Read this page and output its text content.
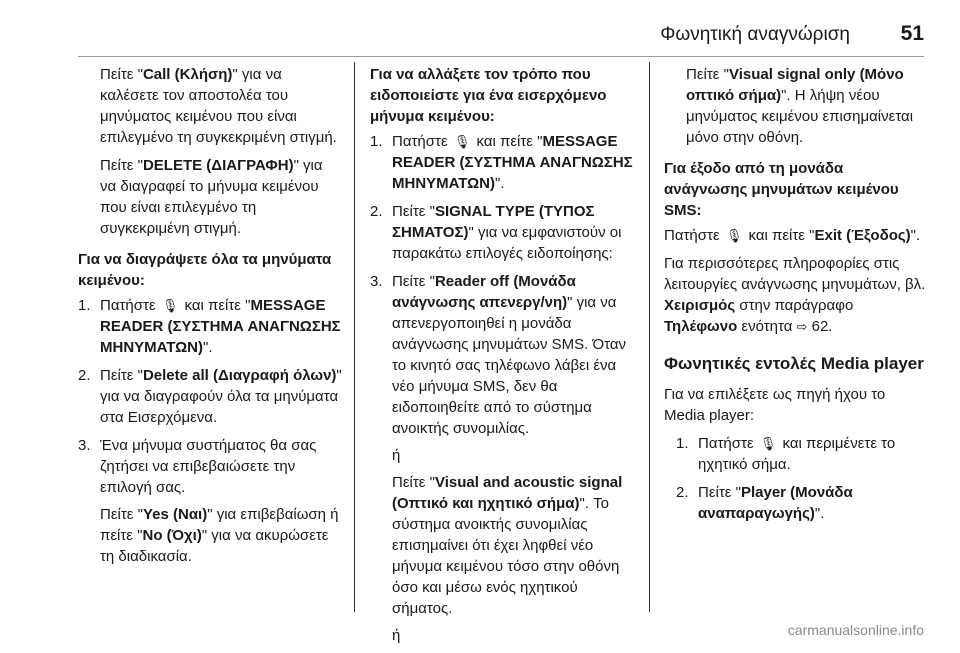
Φωνητική αναγνώριση 51

Πείτε "Call (Κλήση)" για να καλέσετε τον αποστολέα του μηνύματος κειμένου που είναι επιλεγμένο τη συγκεκριμένη στιγμή.

Πείτε "DELETE (ΔΙΑΓΡΑΦΗ)" για να διαγραφεί το μήνυμα κειμένου που είναι επιλεγμένο τη συγκεκριμένη στιγμή.

Για να διαγράψετε όλα τα μηνύματα κειμένου:

1. Πατήστε 🎙 και πείτε "MESSAGE READER (ΣΥΣΤΗΜΑ ΑΝΑΓΝΩΣΗΣ ΜΗΝΥΜΑΤΩΝ)".
2. Πείτε "Delete all (Διαγραφή όλων)" για να διαγραφούν όλα τα μηνύματα στα Εισερχόμενα.
3. Ένα μήνυμα συστήματος θα σας ζητήσει να επιβεβαιώσετε την επιλογή σας.
Πείτε "Yes (Ναι)" για επιβεβαίωση ή πείτε "No (Όχι)" για να ακυρώσετε τη διαδικασία.

Για να αλλάξετε τον τρόπο που ειδοποιείστε για ένα εισερχόμενο μήνυμα κειμένου:

1. Πατήστε 🎙 και πείτε "MESSAGE READER (ΣΥΣΤΗΜΑ ΑΝΑΓΝΩΣΗΣ ΜΗΝΥΜΑΤΩΝ)".
2. Πείτε "SIGNAL TYPE (ΤΥΠΟΣ ΣΗΜΑΤΟΣ)" για να εμφανιστούν οι παρακάτω επιλογές ειδοποίησης:
3. Πείτε "Reader off (Μονάδα ανάγνωσης απενεργ/νη)" για να απενεργοποιηθεί η μονάδα ανάγνωσης μηνυμάτων SMS. Όταν το κινητό σας τηλέφωνο λάβει ένα νέο μήνυμα SMS, δεν θα ειδοποιηθείτε από το σύστημα ανοικτής συνομιλίας.
ή
Πείτε "Visual and acoustic signal (Οπτικό και ηχητικό σήμα)". Το σύστημα ανοικτής συνομιλίας επισημαίνει ότι έχει ληφθεί νέο μήνυμα κειμένου τόσο στην οθόνη όσο και μέσω ενός ηχητικού σήματος.
ή

Πείτε "Visual signal only (Μόνο οπτικό σήμα)". Η λήψη νέου μηνύματος κειμένου επισημαίνεται μόνο στην οθόνη.

Για έξοδο από τη μονάδα ανάγνωσης μηνυμάτων κειμένου SMS:

Πατήστε 🎙 και πείτε "Exit (Έξοδος)".

Για περισσότερες πληροφορίες στις λειτουργίες ανάγνωσης μηνυμάτων, βλ. Χειρισμός στην παράγραφο Τηλέφωνο ενότητα ⇨ 62.

Φωνητικές εντολές Media player

Για να επιλέξετε ως πηγή ήχου το Media player:

1. Πατήστε 🎙 και περιμένετε το ηχητικό σήμα.
2. Πείτε "Player (Μονάδα αναπαραγωγής)".
carmanualsonline.info
